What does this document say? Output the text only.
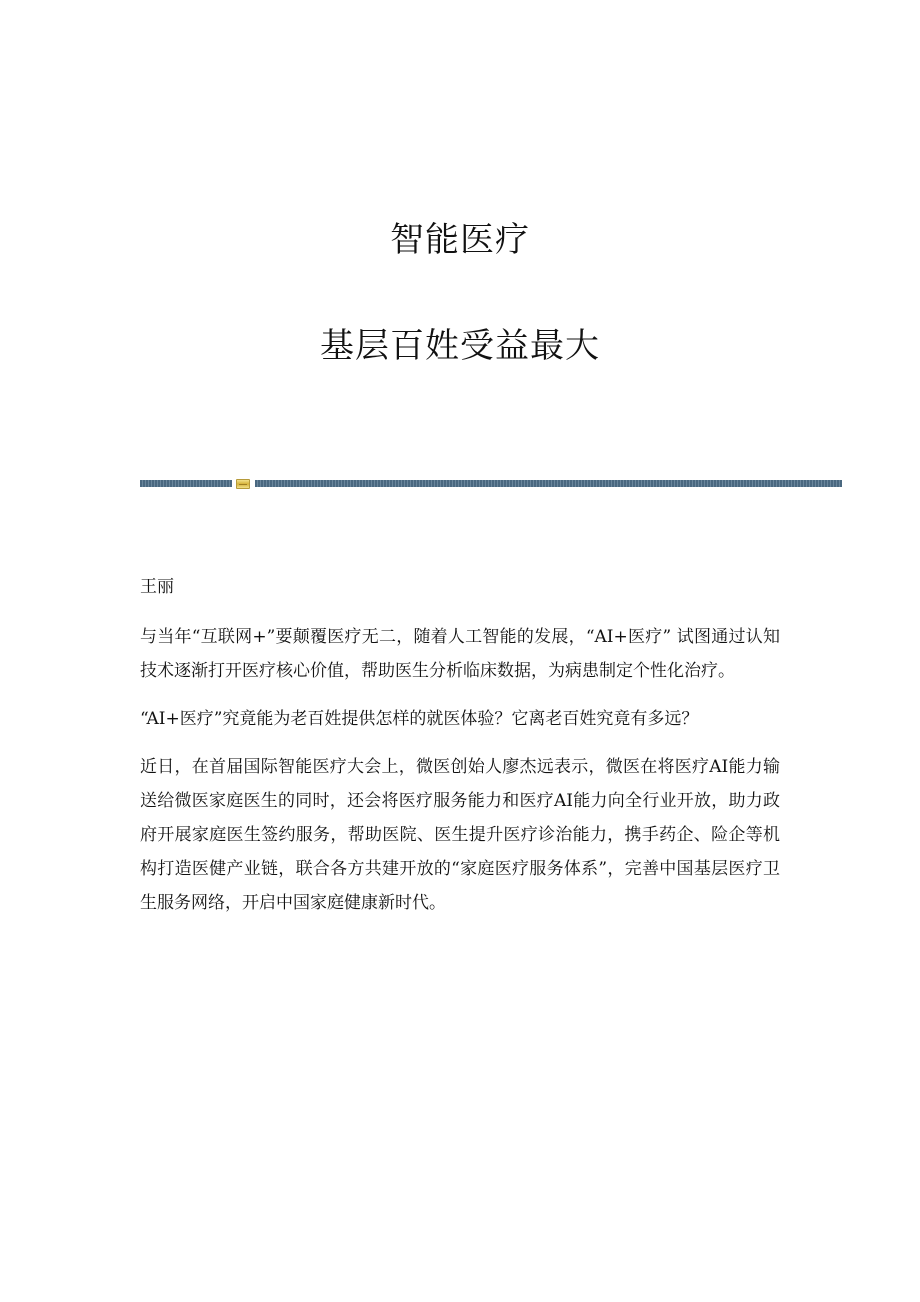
智能医疗
基层百姓受益最大

王丽

与当年“互联网+”要颠覆医疗无二，随着人工智能的发展，“AI+医疗” 试图通过认知技术逐渐打开医疗核心价值，帮助医生分析临床数据，为病患制定个性化治疗。

“AI+医疗”究竟能为老百姓提供怎样的就医体验？它离老百姓究竟有多远？

近日，在首届国际智能医疗大会上，微医创始人廖杰远表示，微医在将医疗AI能力输送给微医家庭医生的同时，还会将医疗服务能力和医疗AI能力向全行业开放，助力政府开展家庭医生签约服务，帮助医院、医生提升医疗诊治能力，携手药企、险企等机构打造医健产业链，联合各方共建开放的“家庭医疗服务体系”，完善中国基层医疗卫生服务网络，开启中国家庭健康新时代。
